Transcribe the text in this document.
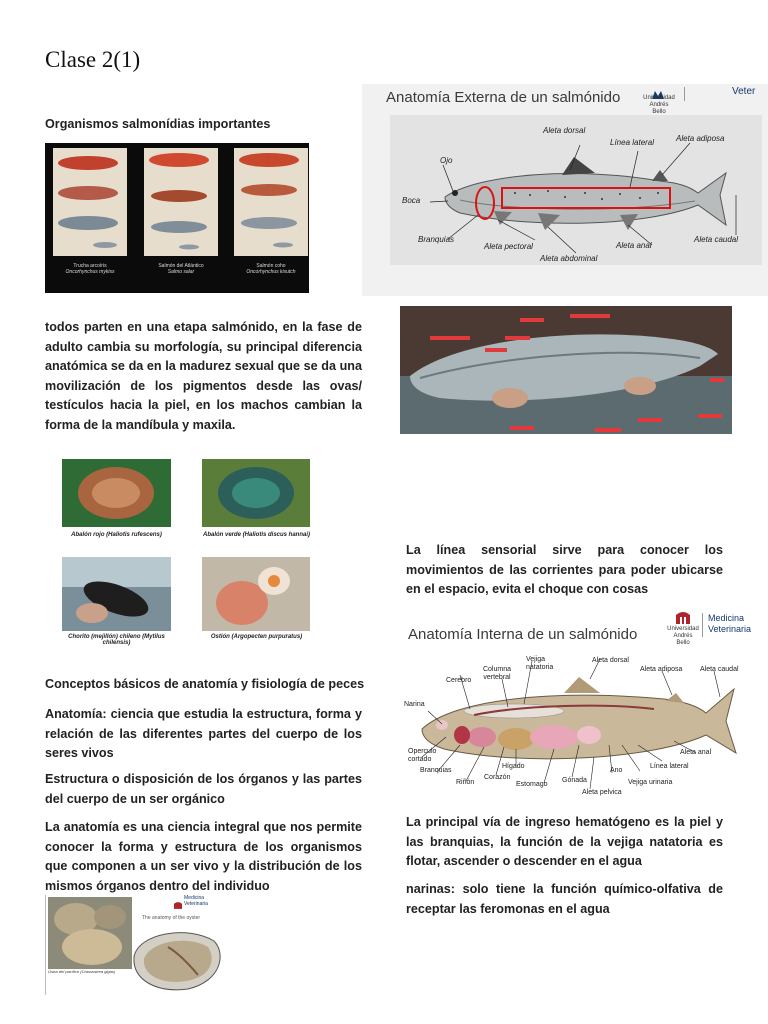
Clase 2(1)
Organismos salmonídias importantes
Trucha arcoíris
Oncorhynchus mykiss
Salmón del Atlántico
Salmo salar
Salmón coho
Oncorhynchus kisutch
todos parten en una etapa salmónido, en la fase de adulto cambia su morfología, su principal diferencia anatómica se da en la madurez sexual que se da una movilización de los pigmentos desde las ovas/ testículos hacia la piel, en los machos cambian la forma de la mandíbula y maxila.
Anatomía Externa de un salmónido	Universidad Andrés Bello
Veter
Aleta dorsal
Línea lateral	Aleta adiposa
Ojo
Boca
Branquias
Aleta pectoral
Aleta abdominal
Aleta anal
Aleta caudal
Abalón rojo (Haliotis rufescens)	Abalón verde (Haliotis discus hannai)
Chorito (mejillón) chileno (Mytilus chilensis)
Ostión (Argopecten purpuratus)
La línea sensorial sirve para conocer los movimientos de las corrientes para poder ubicarse en el espacio, evita el choque con cosas
Anatomía Interna de un salmónido	Universidad Andrés Bello
Medicina Veterinaria
Vejiga natatoria
Aleta dorsal
Aleta adiposa	Aleta caudal
Columna vertebral
Cerebro
Narina
Operculo cortado
Branquias
Riñón
Corazón
Hígado
Estomago
Gónada
Ano
Vejiga urinaria
Línea lateral
Aleta anal
Aleta pelvica
Conceptos básicos de anatomía y fisiología de peces
Anatomía: ciencia que estudia la estructura, forma y relación de las diferentes partes del cuerpo de los seres vivos
Estructura o disposición de los órganos y las partes del cuerpo de un ser orgánico
La anatomía es una ciencia integral que nos permite conocer la forma y estructura de los organismos que componen a un ser vivo y la distribución de los mismos órganos dentro del individuo
La principal vía de ingreso hematógeno es la piel y las branquias, la función de la vejiga natatoria es flotar, ascender o descender en el agua
narinas: solo tiene la función químico-olfativa de receptar las feromonas en el agua
Medicina Veterinaria
The anatomy of the oyster
Ostra del pacífico (Crassostrea gigas)
